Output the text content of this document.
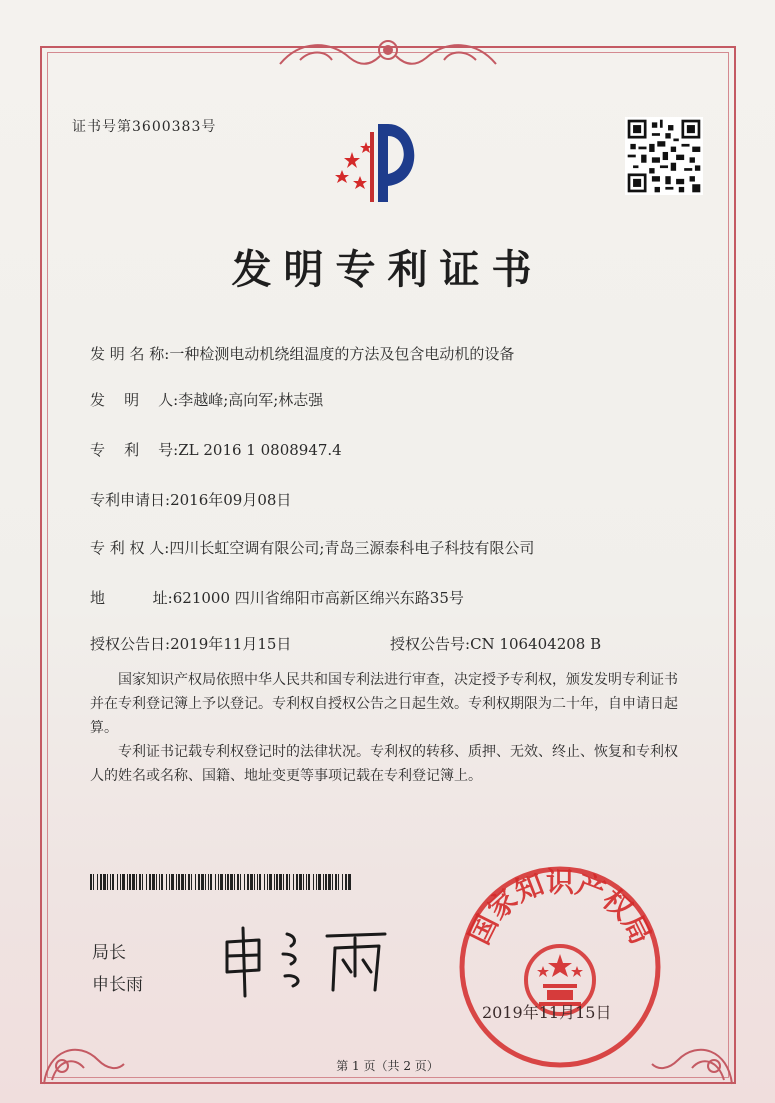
证书号第3600383号
发明专利证书
发 明 名 称:一种检测电动机绕组温度的方法及包含电动机的设备
发    明    人:李越峰;高向军;林志强
专    利    号:ZL 2016 1 0808947.4
专利申请日:2016年09月08日
专 利 权 人:四川长虹空调有限公司;青岛三源泰科电子科技有限公司
地          址:621000 四川省绵阳市高新区绵兴东路35号
授权公告日:2019年11月15日	授权公告号:CN 106404208 B
国家知识产权局依照中华人民共和国专利法进行审查，决定授予专利权，颁发发明专利证书并在专利登记簿上予以登记。专利权自授权公告之日起生效。专利权期限为二十年，自申请日起算。
专利证书记载专利权登记时的法律状况。专利权的转移、质押、无效、终止、恢复和专利权人的姓名或名称、国籍、地址变更等事项记载在专利登记簿上。
局长
申长雨
国家知识产权局
2019年11月15日
第 1 页（共 2 页）
